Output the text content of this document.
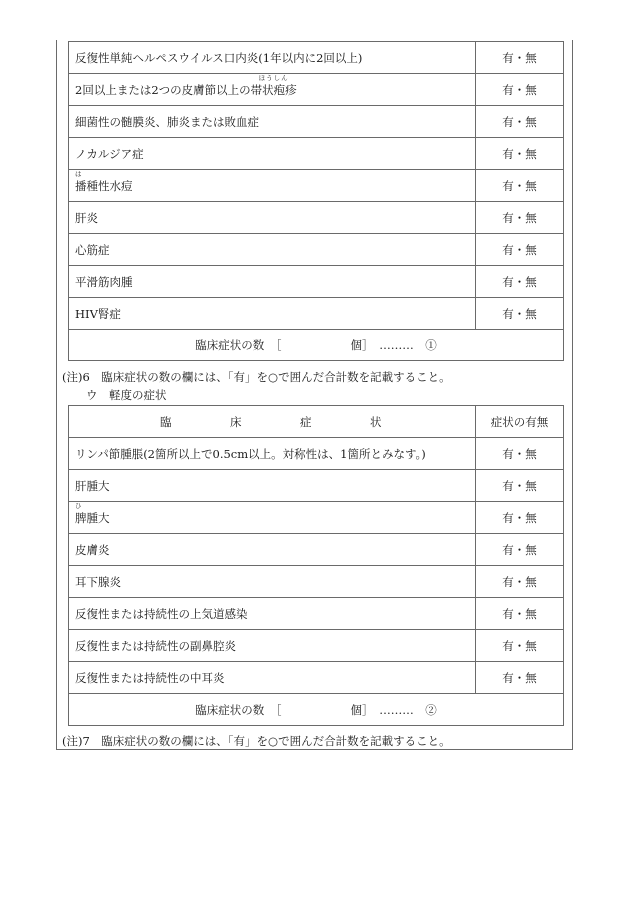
反復性単純ヘルペスウイルス口内炎(1年以内に2回以上)	有・無
2回以上または2つの皮膚節以上の
ほうしん
帯状疱疹	有・無
細菌性の髄膜炎、肺炎または敗血症	有・無
ノカルジア症	有・無

は
播種性水痘	有・無
肝炎	有・無
心筋症	有・無
平滑筋肉腫	有・無
HIV腎症	有・無
臨床症状の数　［　　　　　　個］　………　①	
(注)6　臨床症状の数の欄には、「有」を○で囲んだ合計数を記載すること。
ウ　軽度の症状
臨 床 症 状	症状の有無
リンパ節腫脹(2箇所以上で0.5cm以上。対称性は、1箇所とみなす。)	有・無
肝腫大	有・無

ひ
脾腫大	有・無
皮膚炎	有・無
耳下腺炎	有・無
反復性または持続性の上気道感染	有・無
反復性または持続性の副鼻腔炎	有・無
反復性または持続性の中耳炎	有・無
臨床症状の数　［　　　　　　個］　………　②	
(注)7　臨床症状の数の欄には、「有」を○で囲んだ合計数を記載すること。
